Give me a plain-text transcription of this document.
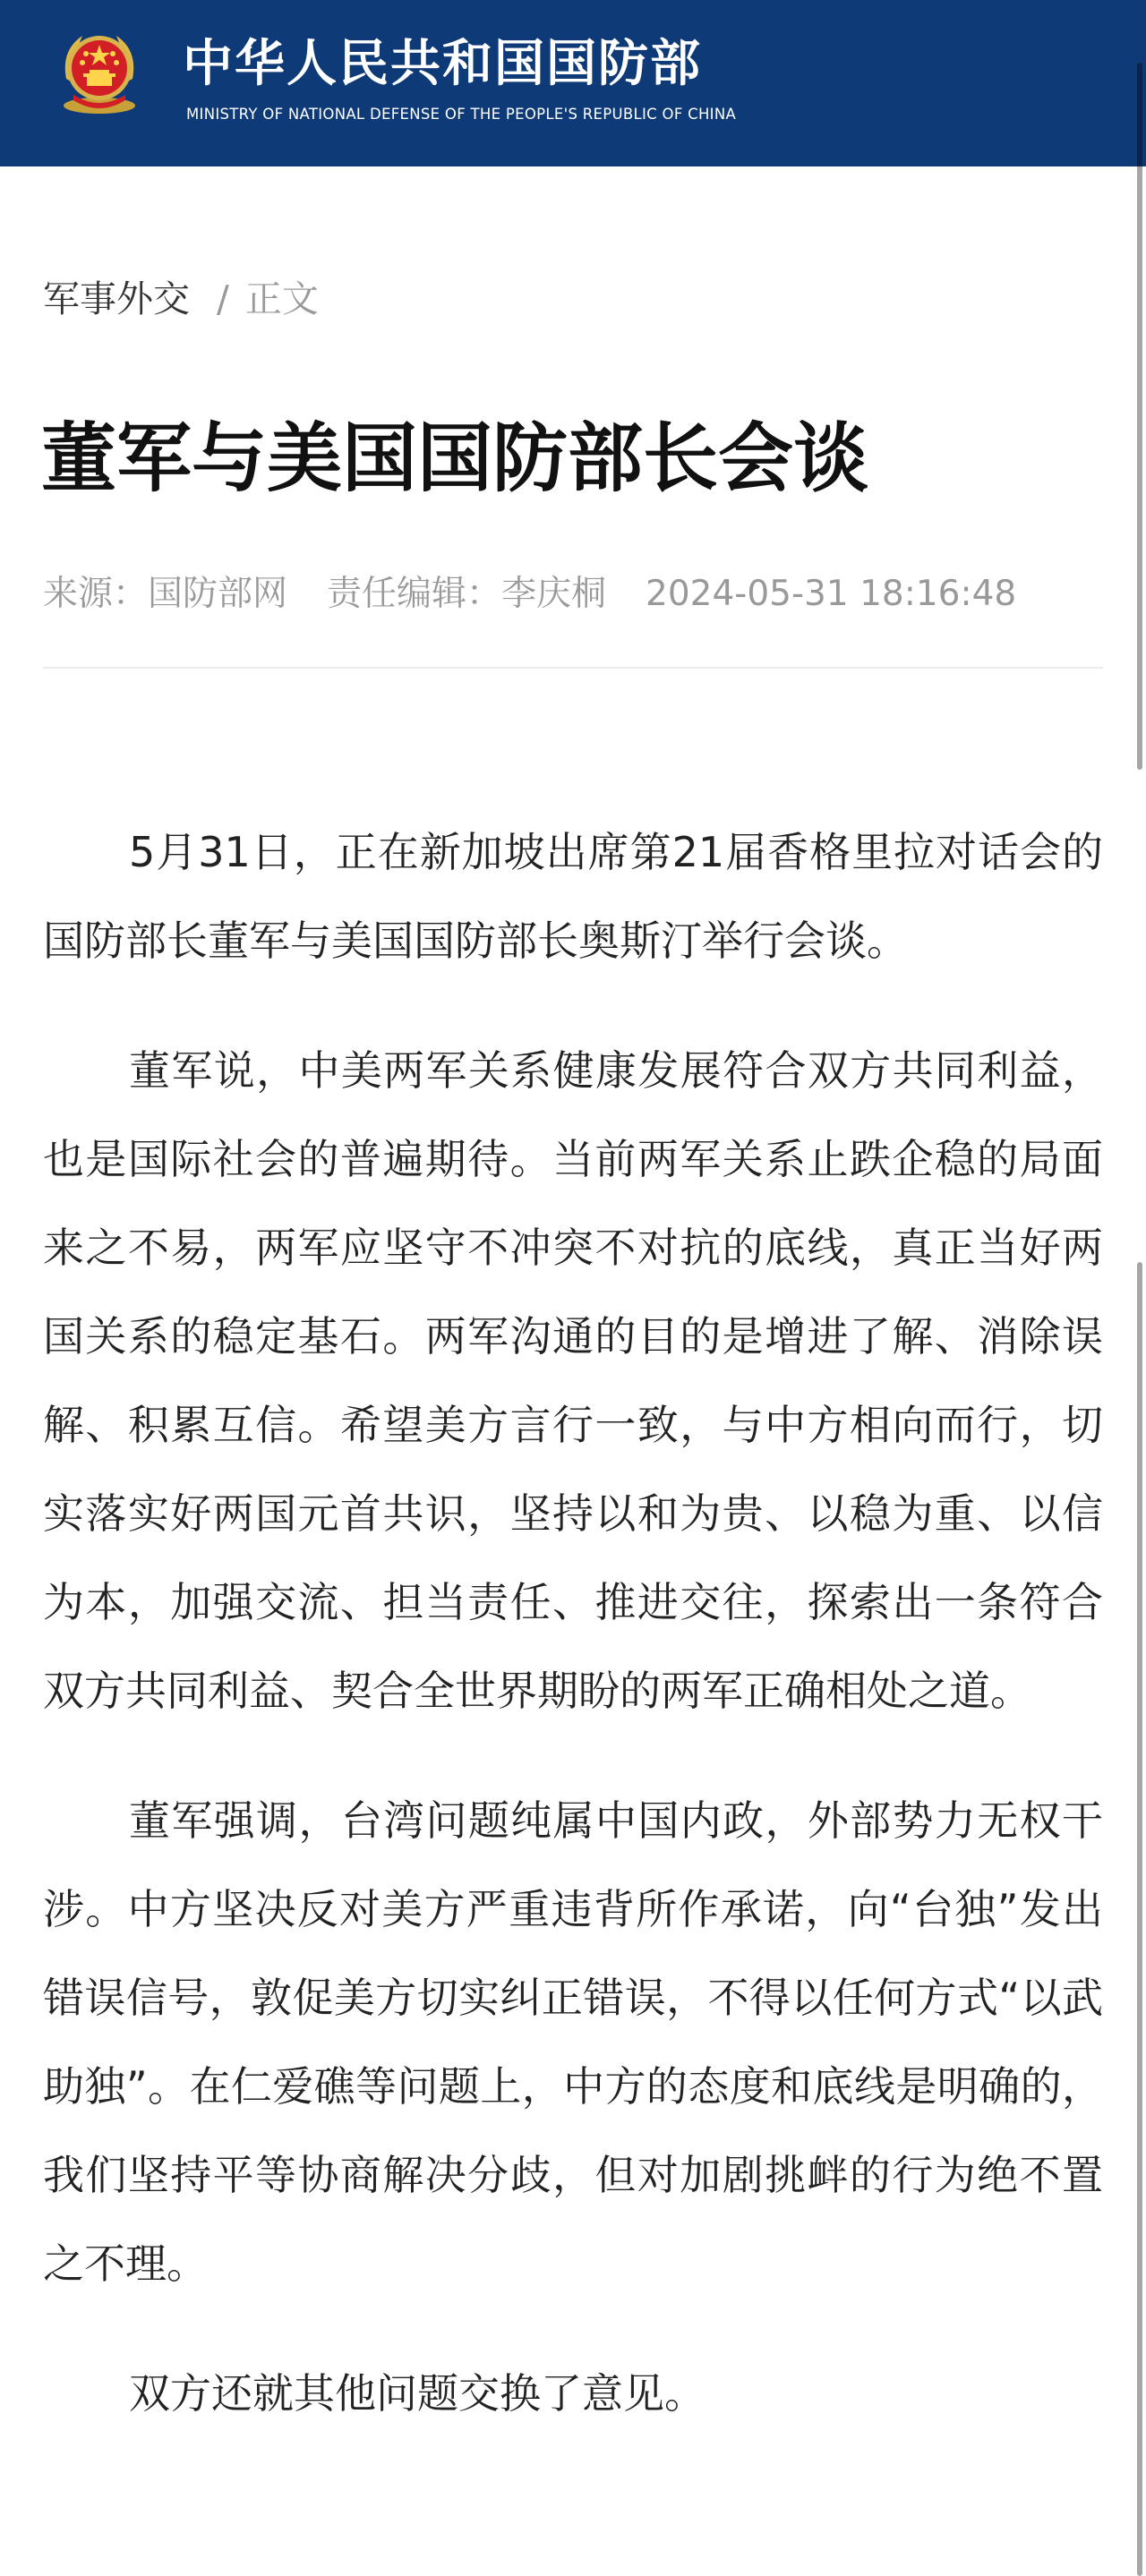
中华人民共和国国防部
MINISTRY OF NATIONAL DEFENSE OF THE PEOPLE'S REPUBLIC OF CHINA
军事外交 / 正文
董军与美国国防部长会谈
来源：国防部网 责任编辑：李庆桐 2024-05-31 18:16:48

5月31日，正在新加坡出席第21届香格里拉对话会的国防部长董军与美国国防部长奥斯汀举行会谈。

董军说，中美两军关系健康发展符合双方共同利益，也是国际社会的普遍期待。当前两军关系止跌企稳的局面来之不易，两军应坚守不冲突不对抗的底线，真正当好两国关系的稳定基石。两军沟通的目的是增进了解、消除误解、积累互信。希望美方言行一致，与中方相向而行，切实落实好两国元首共识，坚持以和为贵、以稳为重、以信为本，加强交流、担当责任、推进交往，探索出一条符合双方共同利益、契合全世界期盼的两军正确相处之道。

董军强调，台湾问题纯属中国内政，外部势力无权干涉。中方坚决反对美方严重违背所作承诺，向“台独”发出错误信号，敦促美方切实纠正错误，不得以任何方式“以武助独”。在仁爱礁等问题上，中方的态度和底线是明确的，我们坚持平等协商解决分歧，但对加剧挑衅的行为绝不置之不理。

双方还就其他问题交换了意见。
